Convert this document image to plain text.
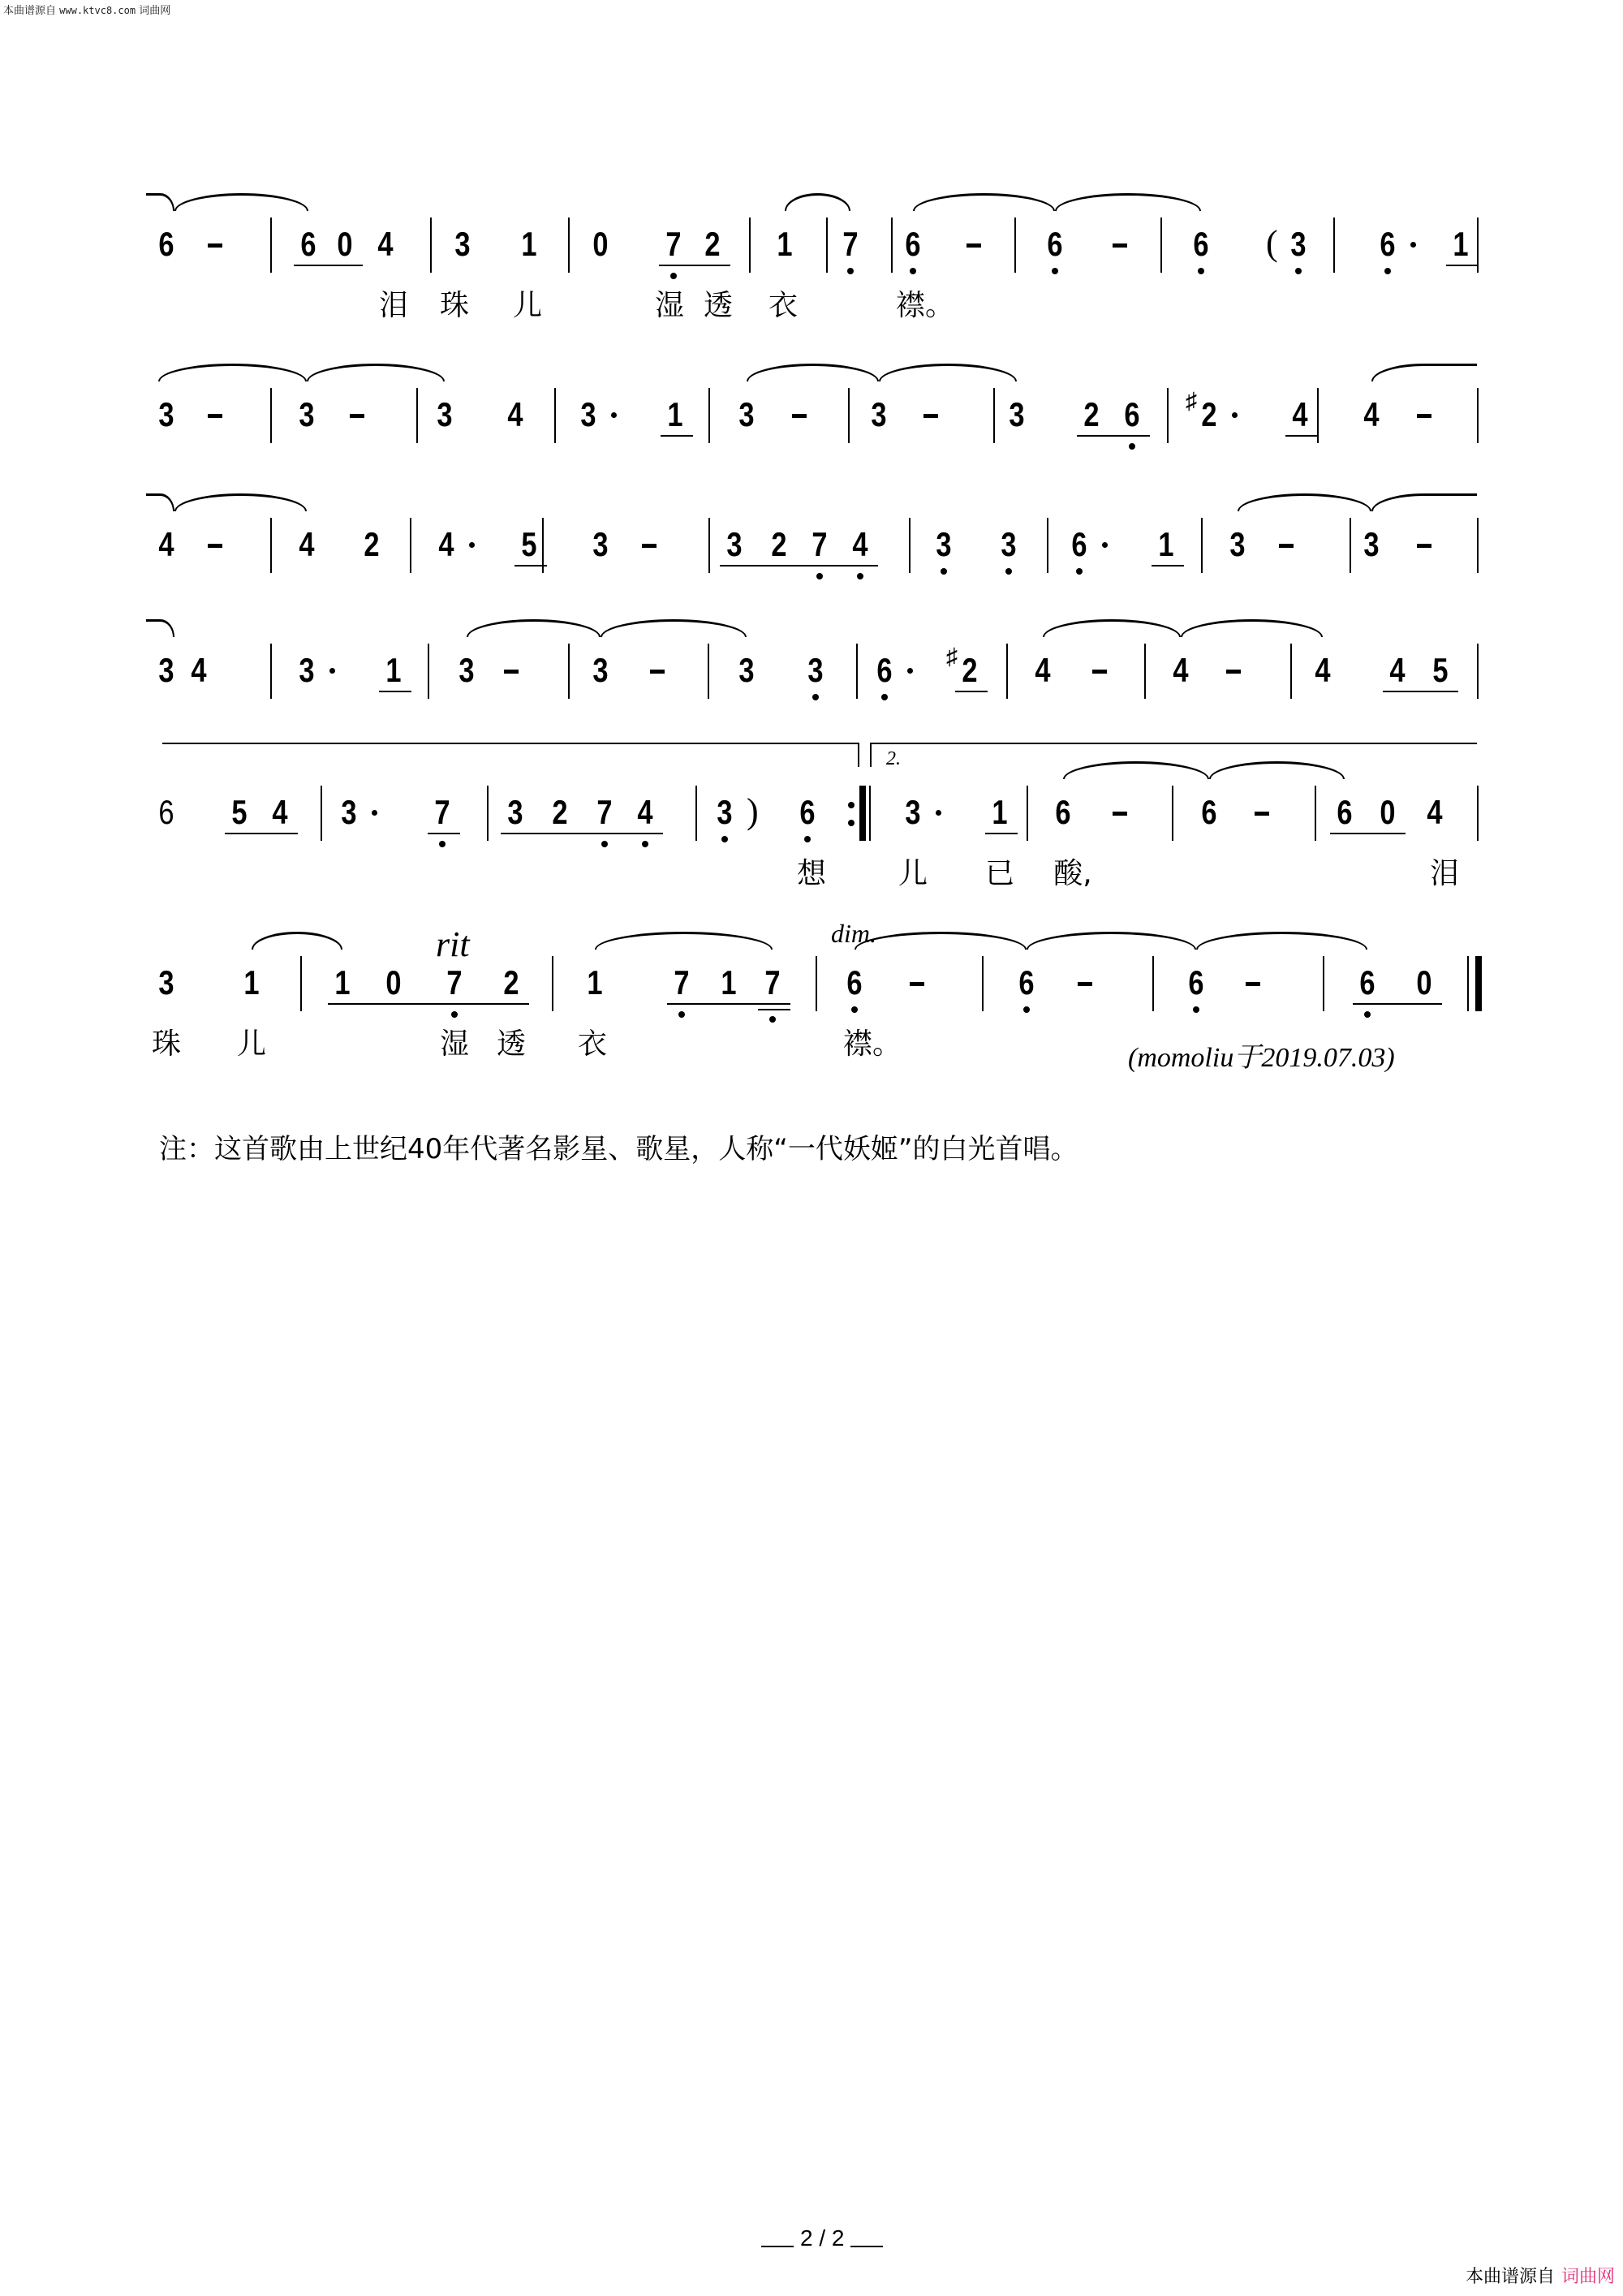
本曲谱源自 www.ktvc8.com 词曲网
6	6 0 4 3 1 0 7 2 1 7 6	6	6 3 6 1
(
泪 珠 儿	湿 透 衣	襟。
3	3	3 4 3 1 3	3	3 2 6 2
♯	4 4
4	4 2 4 5 3	3 2 7 4 3 3 6 1 3	3
3 4	3 1 3	3	3 3 6 2
♯ 4	4	4 4 5
6 5 4 3 7 3 2 7 4 3 6	3 1 6	6	6 0 4
)
2.
想 儿 已 酸,	泪
3 1 1 0 7 2 1 7 1 7 6	6	6	6 0
rit	dim.
珠 儿	湿 透 衣	襟。	(momoliu于2019.07.03)
注：这首歌由上世纪40年代著名影星、歌星，人称“一代妖姬”的白光首唱。
2 / 2
本曲谱源自 词曲网
